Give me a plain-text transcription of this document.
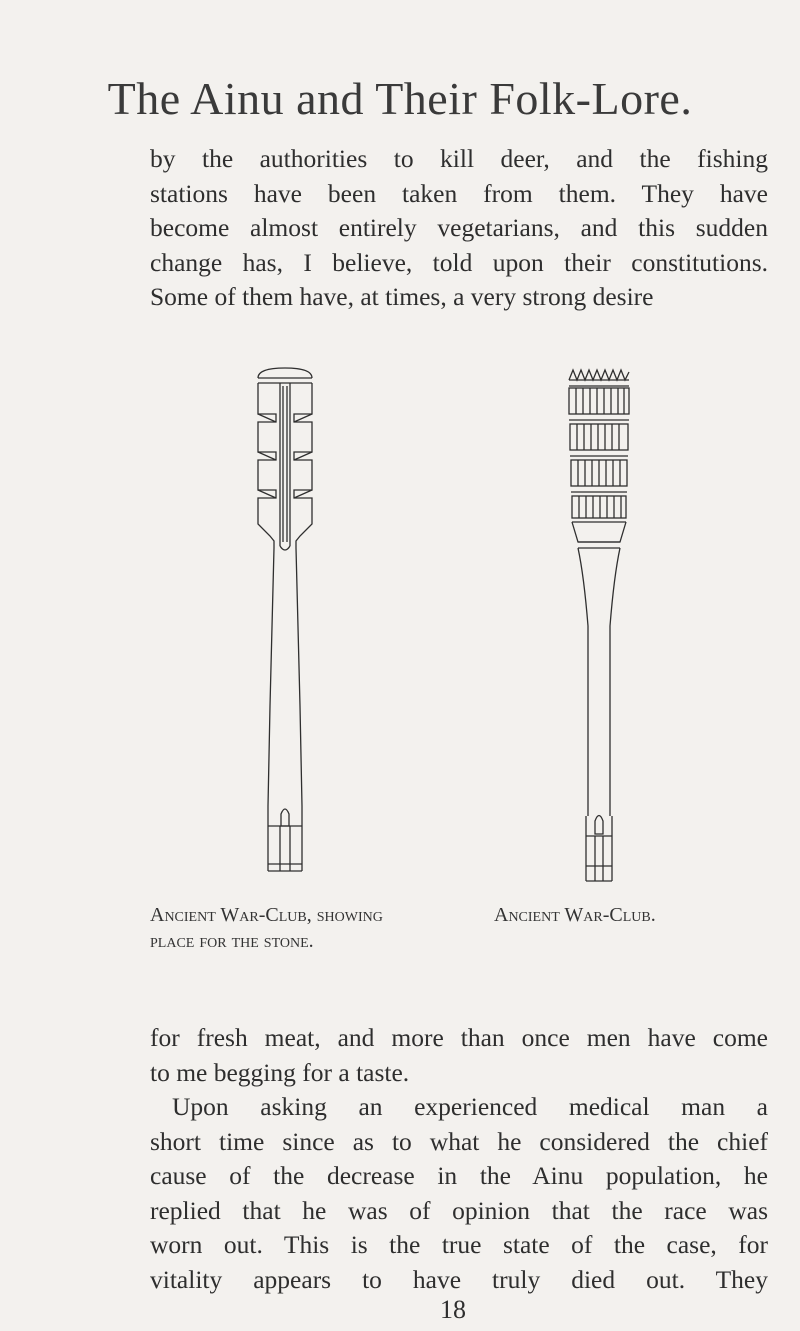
The Ainu and Their Folk-Lore.
by the authorities to kill deer, and the fishing
stations have been taken from them. They have
become almost entirely vegetarians, and this sudden
change has, I believe, told upon their constitutions.
Some of them have, at times, a very strong desire
Ancient War-Club, showing
place for the stone.
Ancient War-Club.
for fresh meat, and more than once men have come
to me begging for a taste.
Upon asking an experienced medical man a
short time since as to what he considered the chief
cause of the decrease in the Ainu population, he
replied that he was of opinion that the race was
worn out. This is the true state of the case, for
vitality appears to have truly died out. They
18
